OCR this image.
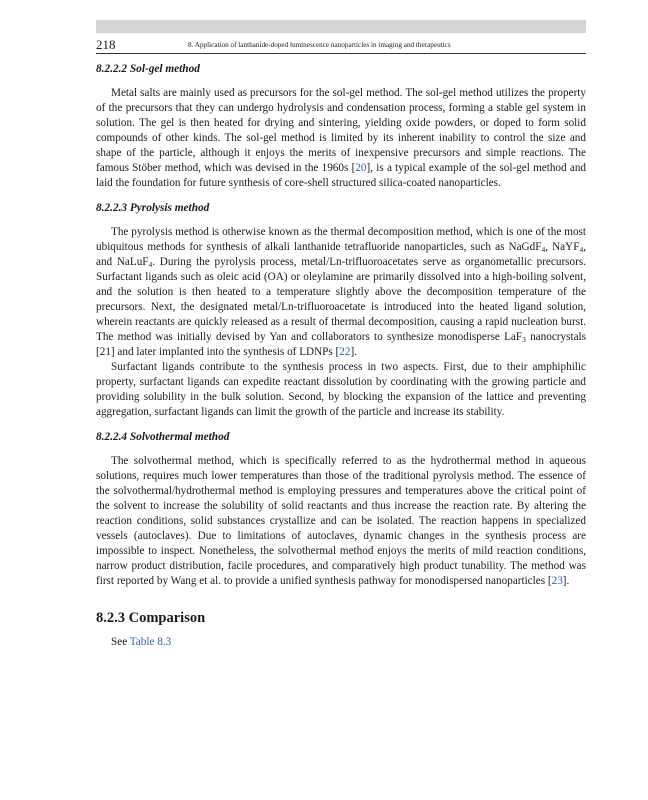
218	8. Application of lanthanide-doped luminescence nanoparticles in imaging and therapeutics
8.2.2.2 Sol-gel method

Metal salts are mainly used as precursors for the sol-gel method. The sol-gel method utilizes the property of the precursors that they can undergo hydrolysis and condensation process, forming a stable gel system in solution. The gel is then heated for drying and sintering, yielding oxide powders, or doped to form solid compounds of other kinds. The sol-gel method is limited by its inherent inability to control the size and shape of the particle, although it enjoys the merits of inexpensive precursors and simple reactions. The famous Stöber method, which was devised in the 1960s [20], is a typical example of the sol-gel method and laid the foundation for future synthesis of core-shell structured silica-coated nanoparticles.

8.2.2.3 Pyrolysis method

The pyrolysis method is otherwise known as the thermal decomposition method, which is one of the most ubiquitous methods for synthesis of alkali lanthanide tetrafluoride nanoparticles, such as NaGdF$_4$, NaYF$_4$, and NaLuF$_4$. During the pyrolysis process, metal/Ln-trifluoroacetates serve as organometallic precursors. Surfactant ligands such as oleic acid (OA) or oleylamine are primarily dissolved into a high-boiling solvent, and the solution is then heated to a temperature slightly above the decomposition temperature of the precursors. Next, the designated metal/Ln-trifluoroacetate is introduced into the heated ligand solution, wherein reactants are quickly released as a result of thermal decomposition, causing a rapid nucleation burst. The method was initially devised by Yan and collaborators to synthesize monodisperse LaF$_3$ nanocrystals [21] and later implanted into the synthesis of LDNPs [22].

Surfactant ligands contribute to the synthesis process in two aspects. First, due to their amphiphilic property, surfactant ligands can expedite reactant dissolution by coordinating with the growing particle and providing solubility in the bulk solution. Second, by blocking the expansion of the lattice and preventing aggregation, surfactant ligands can limit the growth of the particle and increase its stability.

8.2.2.4 Solvothermal method

The solvothermal method, which is specifically referred to as the hydrothermal method in aqueous solutions, requires much lower temperatures than those of the traditional pyrolysis method. The essence of the solvothermal/hydrothermal method is employing pressures and temperatures above the critical point of the solvent to increase the solubility of solid reactants and thus increase the reaction rate. By altering the reaction conditions, solid substances crystallize and can be isolated. The reaction happens in specialized vessels (autoclaves). Due to limitations of autoclaves, dynamic changes in the synthesis process are impossible to inspect. Nonetheless, the solvothermal method enjoys the merits of mild reaction conditions, narrow product distribution, facile procedures, and comparatively high product tunability. The method was first reported by Wang et al. to provide a unified synthesis pathway for monodispersed nanoparticles [23].

8.2.3 Comparison
See Table 8.3
